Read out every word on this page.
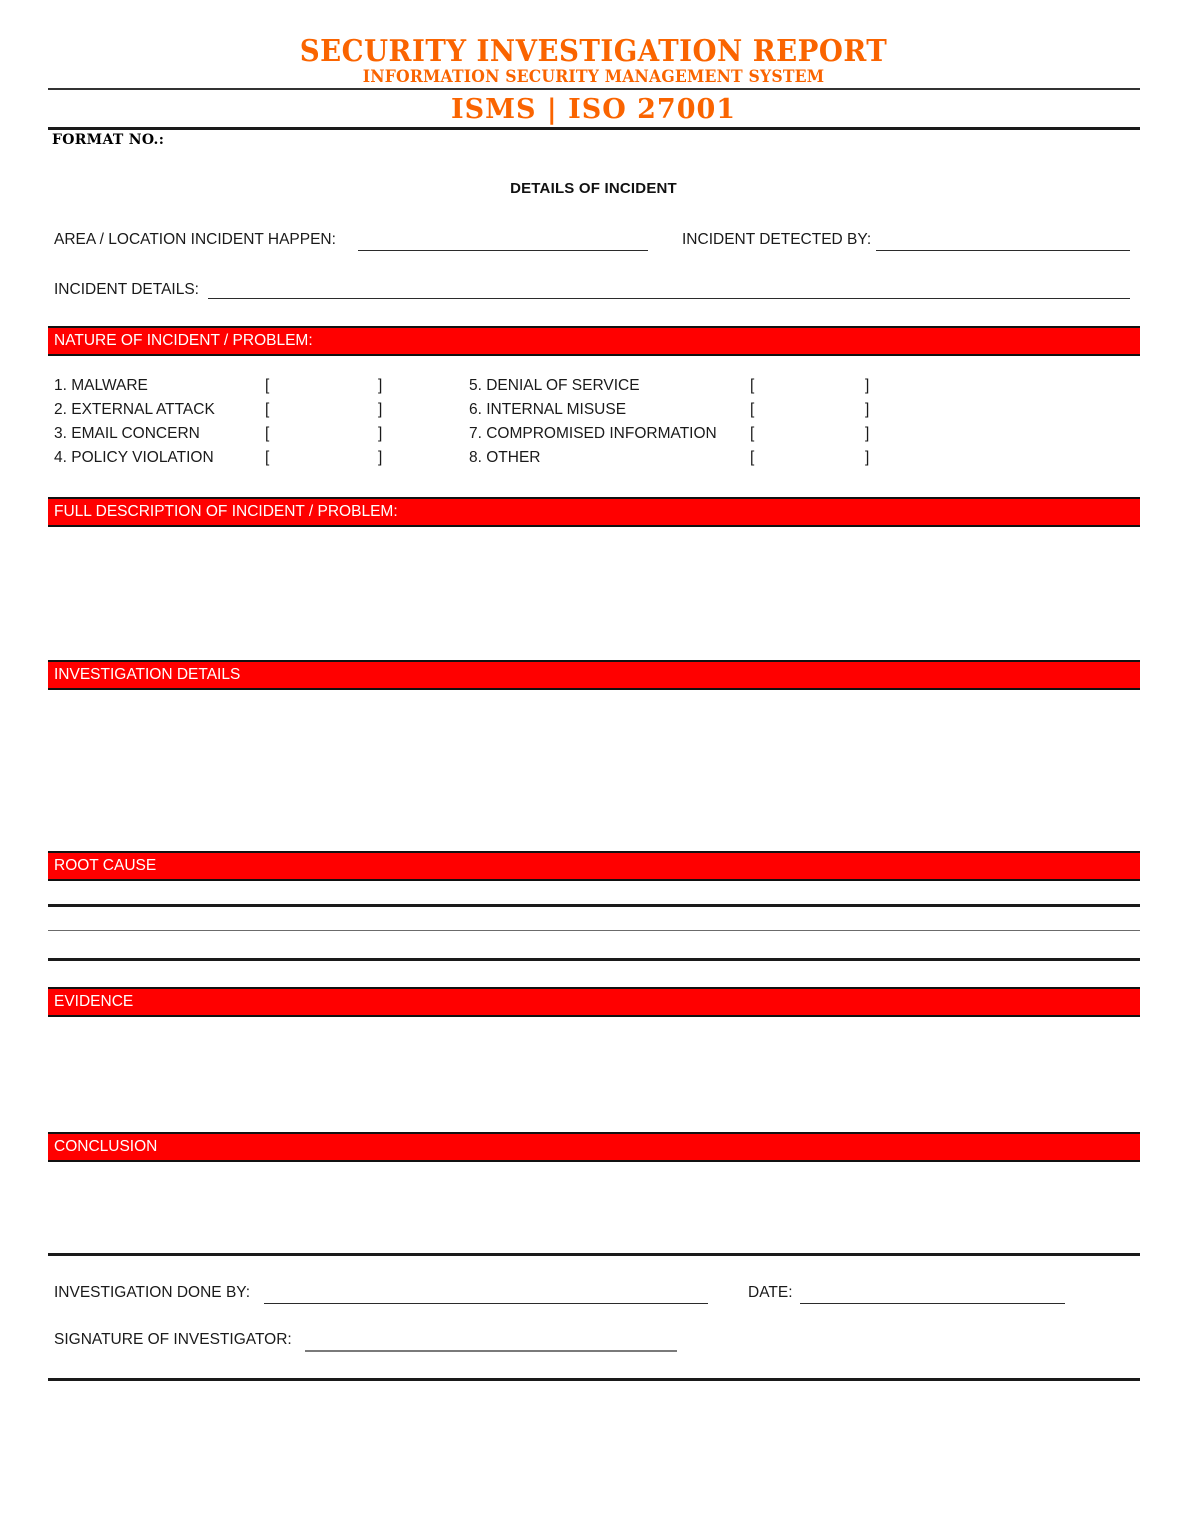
SECURITY INVESTIGATION REPORT
INFORMATION SECURITY MANAGEMENT SYSTEM
ISMS | ISO 27001
FORMAT NO.:
DETAILS OF INCIDENT
AREA / LOCATION INCIDENT HAPPEN:	INCIDENT DETECTED BY:
INCIDENT DETAILS:
NATURE OF INCIDENT / PROBLEM:
1. MALWARE	[	]
2. EXTERNAL ATTACK	[	]
3. EMAIL CONCERN	[	]
4. POLICY VIOLATION	[	]
5. DENIAL OF SERVICE	[	]
6. INTERNAL MISUSE	[	]
7. COMPROMISED INFORMATION [	]
8. OTHER	[	]
FULL DESCRIPTION OF INCIDENT / PROBLEM:
INVESTIGATION DETAILS
ROOT CAUSE
EVIDENCE
CONCLUSION
INVESTIGATION DONE BY:	DATE:
SIGNATURE OF INVESTIGATOR:
